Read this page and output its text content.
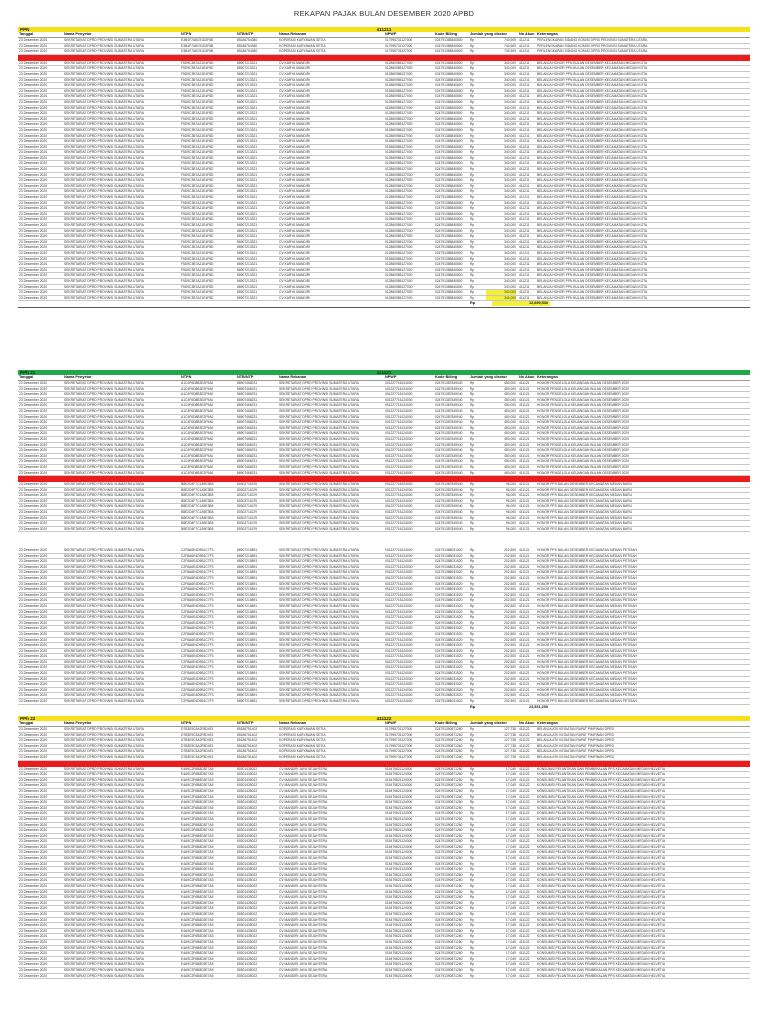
REKAPAN PAJAK BULAN DESEMBER 2020 APBD
PPN	411211
Tanggal	Nama Penyetor	NTPN	NTB/NTP	Nama Rekanan	NPWP	Kode Billing	Jumlah yang disetor	No Akun Keterangan
23 Desember 2020	SEKRETARIAT DPRD PROVINSI SUMATERA UTARA	E3B4F7A8C91D2F6B	85186754380	KOPERASI KARYAWAN SETIA	017995731127000	024791385840800	Rp	740,909 411211	PERLENGKAPAN SIDANG KOMISI DPRD PROVINSI SUMATERA UTARA
23 Desember 2020	SEKRETARIAT DPRD PROVINSI SUMATERA UTARA	E3B4F7A8C91D2F6B	85186754380	KOPERASI KARYAWAN SETIA	017995731127000	024791385840800	Rp	740,909 411211	PERLENGKAPAN SIDANG KOMISI DPRD PROVINSI SUMATERA UTARA
23 Desember 2020	SEKRETARIAT DPRD PROVINSI SUMATERA UTARA	E3B4F7A8C91D2F6B	85186754380	KOPERASI KARYAWAN SETIA	017995731127000	024791385840800	Rp	740,909 411211	PERLENGKAPAN SIDANG KOMISI DPRD PROVINSI SUMATERA UTARA
23 Desember 2020	SEKRETARIAT DPRD PROVINSI SUMATERA UTARA	F5D9C3B7A21E4F8D	86907213321	CV KARYA MANDIRI	012860985127000	024791385840800	Rp	340,000 411211	BELANJA HONOR PPN BULAN DESEMBER KECAMATAN MEDAN KOTA
23 Desember 2020	SEKRETARIAT DPRD PROVINSI SUMATERA UTARA	F5D9C3B7A21E4F8D	86907213321	CV KARYA MANDIRI	012860985127000	024791385840800	Rp	340,000 411211	BELANJA HONOR PPN BULAN DESEMBER KECAMATAN MEDAN KOTA
23 Desember 2020	SEKRETARIAT DPRD PROVINSI SUMATERA UTARA	F5D9C3B7A21E4F8D	86907213321	CV KARYA MANDIRI	012860985127000	024791385840800	Rp	340,000 411211	BELANJA HONOR PPN BULAN DESEMBER KECAMATAN MEDAN KOTA
23 Desember 2020	SEKRETARIAT DPRD PROVINSI SUMATERA UTARA	F5D9C3B7A21E4F8D	86907213321	CV KARYA MANDIRI	012860985127000	024791385840800	Rp	340,000 411211	BELANJA HONOR PPN BULAN DESEMBER KECAMATAN MEDAN KOTA
23 Desember 2020	SEKRETARIAT DPRD PROVINSI SUMATERA UTARA	F5D9C3B7A21E4F8D	86907213321	CV KARYA MANDIRI	012860985127000	024791385840800	Rp	340,000 411211	BELANJA HONOR PPN BULAN DESEMBER KECAMATAN MEDAN KOTA
23 Desember 2020	SEKRETARIAT DPRD PROVINSI SUMATERA UTARA	F5D9C3B7A21E4F8D	86907213321	CV KARYA MANDIRI	012860985127000	024791385840800	Rp	340,000 411211	BELANJA HONOR PPN BULAN DESEMBER KECAMATAN MEDAN KOTA
23 Desember 2020	SEKRETARIAT DPRD PROVINSI SUMATERA UTARA	F5D9C3B7A21E4F8D	86907213321	CV KARYA MANDIRI	012860985127000	024791385840800	Rp	340,000 411211	BELANJA HONOR PPN BULAN DESEMBER KECAMATAN MEDAN KOTA
23 Desember 2020	SEKRETARIAT DPRD PROVINSI SUMATERA UTARA	F5D9C3B7A21E4F8D	86907213321	CV KARYA MANDIRI	012860985127000	024791385840800	Rp	340,000 411211	BELANJA HONOR PPN BULAN DESEMBER KECAMATAN MEDAN KOTA
23 Desember 2020	SEKRETARIAT DPRD PROVINSI SUMATERA UTARA	F5D9C3B7A21E4F8D	86907213321	CV KARYA MANDIRI	012860985127000	024791385840800	Rp	340,000 411211	BELANJA HONOR PPN BULAN DESEMBER KECAMATAN MEDAN KOTA
23 Desember 2020	SEKRETARIAT DPRD PROVINSI SUMATERA UTARA	F5D9C3B7A21E4F8D	86907213321	CV KARYA MANDIRI	012860985127000	024791385840800	Rp	340,000 411211	BELANJA HONOR PPN BULAN DESEMBER KECAMATAN MEDAN KOTA
23 Desember 2020	SEKRETARIAT DPRD PROVINSI SUMATERA UTARA	F5D9C3B7A21E4F8D	86907213321	CV KARYA MANDIRI	012860985127000	024791385840800	Rp	340,000 411211	BELANJA HONOR PPN BULAN DESEMBER KECAMATAN MEDAN KOTA
23 Desember 2020	SEKRETARIAT DPRD PROVINSI SUMATERA UTARA	F5D9C3B7A21E4F8D	86907213321	CV KARYA MANDIRI	012860985127000	024791385840800	Rp	340,000 411211	BELANJA HONOR PPN BULAN DESEMBER KECAMATAN MEDAN KOTA
23 Desember 2020	SEKRETARIAT DPRD PROVINSI SUMATERA UTARA	F5D9C3B7A21E4F8D	86907213321	CV KARYA MANDIRI	012860985127000	024791385840800	Rp	340,000 411211	BELANJA HONOR PPN BULAN DESEMBER KECAMATAN MEDAN KOTA
23 Desember 2020	SEKRETARIAT DPRD PROVINSI SUMATERA UTARA	F5D9C3B7A21E4F8D	86907213321	CV KARYA MANDIRI	012860985127000	024791385840800	Rp	340,000 411211	BELANJA HONOR PPN BULAN DESEMBER KECAMATAN MEDAN KOTA
23 Desember 2020	SEKRETARIAT DPRD PROVINSI SUMATERA UTARA	F5D9C3B7A21E4F8D	86907213321	CV KARYA MANDIRI	012860985127000	024791385840800	Rp	340,000 411211	BELANJA HONOR PPN BULAN DESEMBER KECAMATAN MEDAN KOTA
23 Desember 2020	SEKRETARIAT DPRD PROVINSI SUMATERA UTARA	F5D9C3B7A21E4F8D	86907213321	CV KARYA MANDIRI	012860985127000	024791385840800	Rp	340,000 411211	BELANJA HONOR PPN BULAN DESEMBER KECAMATAN MEDAN KOTA
23 Desember 2020	SEKRETARIAT DPRD PROVINSI SUMATERA UTARA	F5D9C3B7A21E4F8D	86907213321	CV KARYA MANDIRI	012860985127000	024791385840800	Rp	340,000 411211	BELANJA HONOR PPN BULAN DESEMBER KECAMATAN MEDAN KOTA
23 Desember 2020	SEKRETARIAT DPRD PROVINSI SUMATERA UTARA	F5D9C3B7A21E4F8D	86907213321	CV KARYA MANDIRI	012860985127000	024791385840800	Rp	340,000 411211	BELANJA HONOR PPN BULAN DESEMBER KECAMATAN MEDAN KOTA
23 Desember 2020	SEKRETARIAT DPRD PROVINSI SUMATERA UTARA	F5D9C3B7A21E4F8D	86907213321	CV KARYA MANDIRI	012860985127000	024791385840800	Rp	340,000 411211	BELANJA HONOR PPN BULAN DESEMBER KECAMATAN MEDAN KOTA
23 Desember 2020	SEKRETARIAT DPRD PROVINSI SUMATERA UTARA	F5D9C3B7A21E4F8D	86907213321	CV KARYA MANDIRI	012860985127000	024791385840800	Rp	340,000 411211	BELANJA HONOR PPN BULAN DESEMBER KECAMATAN MEDAN KOTA
23 Desember 2020	SEKRETARIAT DPRD PROVINSI SUMATERA UTARA	F5D9C3B7A21E4F8D	86907213321	CV KARYA MANDIRI	012860985127000	024791385840800	Rp	340,000 411211	BELANJA HONOR PPN BULAN DESEMBER KECAMATAN MEDAN KOTA
23 Desember 2020	SEKRETARIAT DPRD PROVINSI SUMATERA UTARA	F5D9C3B7A21E4F8D	86907213321	CV KARYA MANDIRI	012860985127000	024791385840800	Rp	340,000 411211	BELANJA HONOR PPN BULAN DESEMBER KECAMATAN MEDAN KOTA
23 Desember 2020	SEKRETARIAT DPRD PROVINSI SUMATERA UTARA	F5D9C3B7A21E4F8D	86907213321	CV KARYA MANDIRI	012860985127000	024791385840800	Rp	340,000 411211	BELANJA HONOR PPN BULAN DESEMBER KECAMATAN MEDAN KOTA
23 Desember 2020	SEKRETARIAT DPRD PROVINSI SUMATERA UTARA	F5D9C3B7A21E4F8D	86907213321	CV KARYA MANDIRI	012860985127000	024791385840800	Rp	340,000 411211	BELANJA HONOR PPN BULAN DESEMBER KECAMATAN MEDAN KOTA
23 Desember 2020	SEKRETARIAT DPRD PROVINSI SUMATERA UTARA	F5D9C3B7A21E4F8D	86907213321	CV KARYA MANDIRI	012860985127000	024791385840800	Rp	340,000 411211	BELANJA HONOR PPN BULAN DESEMBER KECAMATAN MEDAN KOTA
23 Desember 2020	SEKRETARIAT DPRD PROVINSI SUMATERA UTARA	F5D9C3B7A21E4F8D	86907213321	CV KARYA MANDIRI	012860985127000	024791385840800	Rp	340,000 411211	BELANJA HONOR PPN BULAN DESEMBER KECAMATAN MEDAN KOTA
23 Desember 2020	SEKRETARIAT DPRD PROVINSI SUMATERA UTARA	F5D9C3B7A21E4F8D	86907213321	CV KARYA MANDIRI	012860985127000	024791385840800	Rp	340,000 411211	BELANJA HONOR PPN BULAN DESEMBER KECAMATAN MEDAN KOTA
23 Desember 2020	SEKRETARIAT DPRD PROVINSI SUMATERA UTARA	F5D9C3B7A21E4F8D	86907213321	CV KARYA MANDIRI	012860985127000	024791385840800	Rp	340,000 411211	BELANJA HONOR PPN BULAN DESEMBER KECAMATAN MEDAN KOTA
23 Desember 2020	SEKRETARIAT DPRD PROVINSI SUMATERA UTARA	F5D9C3B7A21E4F8D	86907213321	CV KARYA MANDIRI	012860985127000	024791385840800	Rp	340,000 411211	BELANJA HONOR PPN BULAN DESEMBER KECAMATAN MEDAN KOTA
23 Desember 2020	SEKRETARIAT DPRD PROVINSI SUMATERA UTARA	F5D9C3B7A21E4F8D	86907213321	CV KARYA MANDIRI	012860985127000	024791385840800	Rp	340,000 411211	BELANJA HONOR PPN BULAN DESEMBER KECAMATAN MEDAN KOTA
23 Desember 2020	SEKRETARIAT DPRD PROVINSI SUMATERA UTARA	F5D9C3B7A21E4F8D	86907213321	CV KARYA MANDIRI	012860985127000	024791385840800	Rp	340,000 411211	BELANJA HONOR PPN BULAN DESEMBER KECAMATAN MEDAN KOTA
23 Desember 2020	SEKRETARIAT DPRD PROVINSI SUMATERA UTARA	F5D9C3B7A21E4F8D	86907213321	CV KARYA MANDIRI	012860985127000	024791385840800	Rp	340,000 411211	BELANJA HONOR PPN BULAN DESEMBER KECAMATAN MEDAN KOTA
23 Desember 2020	SEKRETARIAT DPRD PROVINSI SUMATERA UTARA	F5D9C3B7A21E4F8D	86907213321	CV KARYA MANDIRI	012860985127000	024791385840800	Rp	340,000 411211	BELANJA HONOR PPN BULAN DESEMBER KECAMATAN MEDAN KOTA
23 Desember 2020	SEKRETARIAT DPRD PROVINSI SUMATERA UTARA	F5D9C3B7A21E4F8D	86907213321	CV KARYA MANDIRI	012860985127000	024791385840800	Rp	340,000 411211	BELANJA HONOR PPN BULAN DESEMBER KECAMATAN MEDAN KOTA
23 Desember 2020	SEKRETARIAT DPRD PROVINSI SUMATERA UTARA	F5D9C3B7A21E4F8D	86907213321	CV KARYA MANDIRI	012860985127000	024791385840800	Rp	340,000 411211	BELANJA HONOR PPN BULAN DESEMBER KECAMATAN MEDAN KOTA
23 Desember 2020	SEKRETARIAT DPRD PROVINSI SUMATERA UTARA	F5D9C3B7A21E4F8D	86907213321	CV KARYA MANDIRI	012860985127000	024791385840800	Rp	340,000 411211	BELANJA HONOR PPN BULAN DESEMBER KECAMATAN MEDAN KOTA
23 Desember 2020	SEKRETARIAT DPRD PROVINSI SUMATERA UTARA	F5D9C3B7A21E4F8D	86907213321	CV KARYA MANDIRI	012860985127000	024791385840800	Rp	340,000 411211	BELANJA HONOR PPN BULAN DESEMBER KECAMATAN MEDAN KOTA
23 Desember 2020	SEKRETARIAT DPRD PROVINSI SUMATERA UTARA	F5D9C3B7A21E4F8D	86907213321	CV KARYA MANDIRI	012860985127000	024791385840800	Rp	340,000 411211	BELANJA HONOR PPN BULAN DESEMBER KECAMATAN MEDAN KOTA
23 Desember 2020	SEKRETARIAT DPRD PROVINSI SUMATERA UTARA	F5D9C3B7A21E4F8D	86907213321	CV KARYA MANDIRI	012860985127000	024791385840800	Rp	340,000 411211	BELANJA HONOR PPN BULAN DESEMBER KECAMATAN MEDAN KOTA
23 Desember 2020	SEKRETARIAT DPRD PROVINSI SUMATERA UTARA	F5D9C3B7A21E4F8D	86907213321	CV KARYA MANDIRI	012860985127000	024791385840800	Rp	340,000 411211	BELANJA HONOR PPN BULAN DESEMBER KECAMATAN MEDAN KOTA
23 Desember 2020	SEKRETARIAT DPRD PROVINSI SUMATERA UTARA	F5D9C3B7A21E4F8D	86907213321	CV KARYA MANDIRI	012860985127000	024791385840800	Rp	340,000 411211	BELANJA HONOR PPN BULAN DESEMBER KECAMATAN MEDAN KOTA
23 Desember 2020	SEKRETARIAT DPRD PROVINSI SUMATERA UTARA	F5D9C3B7A21E4F8D	86907213321	CV KARYA MANDIRI	012860985127000	024791385840800	Rp	340,000 411211	BELANJA HONOR PPN BULAN DESEMBER KECAMATAN MEDAN KOTA
23 Desember 2020	SEKRETARIAT DPRD PROVINSI SUMATERA UTARA	F5D9C3B7A21E4F8D	86907213321	CV KARYA MANDIRI	012860985127000	024791385840800	Rp	340,000 411211	BELANJA HONOR PPN BULAN DESEMBER KECAMATAN MEDAN KOTA
Rp	12,699,530
PPh 21	411121
Tanggal	Nama Penyetor	NTPN	NTB/NTP	Nama Rekanan	NPWP	Kode Billing	Jumlah yang disetor	No Akun Keterangan
23 Desember 2020	SEKRETARIAT DPRD PROVINSI SUMATERA UTARA	A1C4F6D8B3E2F9A0	86907468231	SEKRETARIAT DPRD PROVINSI SUMATERA UTARA	001227716124000	024791387849040	Rp	450,000 411121	HONOR PENGELOLA KEUANGAN BULAN DESEMBER 2020
23 Desember 2020	SEKRETARIAT DPRD PROVINSI SUMATERA UTARA	A1C4F6D8B3E2F9A0	86907468231	SEKRETARIAT DPRD PROVINSI SUMATERA UTARA	001227716124000	024791387849040	Rp	450,000 411121	HONOR PENGELOLA KEUANGAN BULAN DESEMBER 2020
23 Desember 2020	SEKRETARIAT DPRD PROVINSI SUMATERA UTARA	A1C4F6D8B3E2F9A0	86907468231	SEKRETARIAT DPRD PROVINSI SUMATERA UTARA	001227716124000	024791387849040	Rp	450,000 411121	HONOR PENGELOLA KEUANGAN BULAN DESEMBER 2020
23 Desember 2020	SEKRETARIAT DPRD PROVINSI SUMATERA UTARA	A1C4F6D8B3E2F9A0	86907468231	SEKRETARIAT DPRD PROVINSI SUMATERA UTARA	001227716124000	024791387849040	Rp	450,000 411121	HONOR PENGELOLA KEUANGAN BULAN DESEMBER 2020
23 Desember 2020	SEKRETARIAT DPRD PROVINSI SUMATERA UTARA	A1C4F6D8B3E2F9A0	86907468231	SEKRETARIAT DPRD PROVINSI SUMATERA UTARA	001227716124000	024791387849040	Rp	450,000 411121	HONOR PENGELOLA KEUANGAN BULAN DESEMBER 2020
23 Desember 2020	SEKRETARIAT DPRD PROVINSI SUMATERA UTARA	A1C4F6D8B3E2F9A0	86907468231	SEKRETARIAT DPRD PROVINSI SUMATERA UTARA	001227716124000	024791387849040	Rp	450,000 411121	HONOR PENGELOLA KEUANGAN BULAN DESEMBER 2020
23 Desember 2020	SEKRETARIAT DPRD PROVINSI SUMATERA UTARA	A1C4F6D8B3E2F9A0	86907468231	SEKRETARIAT DPRD PROVINSI SUMATERA UTARA	001227716124000	024791387849040	Rp	450,000 411121	HONOR PENGELOLA KEUANGAN BULAN DESEMBER 2020
23 Desember 2020	SEKRETARIAT DPRD PROVINSI SUMATERA UTARA	A1C4F6D8B3E2F9A0	86907468231	SEKRETARIAT DPRD PROVINSI SUMATERA UTARA	001227716124000	024791387849040	Rp	450,000 411121	HONOR PENGELOLA KEUANGAN BULAN DESEMBER 2020
23 Desember 2020	SEKRETARIAT DPRD PROVINSI SUMATERA UTARA	A1C4F6D8B3E2F9A0	86907468231	SEKRETARIAT DPRD PROVINSI SUMATERA UTARA	001227716124000	024791387849040	Rp	450,000 411121	HONOR PENGELOLA KEUANGAN BULAN DESEMBER 2020
23 Desember 2020	SEKRETARIAT DPRD PROVINSI SUMATERA UTARA	A1C4F6D8B3E2F9A0	86907468231	SEKRETARIAT DPRD PROVINSI SUMATERA UTARA	001227716124000	024791387849040	Rp	450,000 411121	HONOR PENGELOLA KEUANGAN BULAN DESEMBER 2020
23 Desember 2020	SEKRETARIAT DPRD PROVINSI SUMATERA UTARA	A1C4F6D8B3E2F9A0	86907468231	SEKRETARIAT DPRD PROVINSI SUMATERA UTARA	001227716124000	024791387849040	Rp	450,000 411121	HONOR PENGELOLA KEUANGAN BULAN DESEMBER 2020
23 Desember 2020	SEKRETARIAT DPRD PROVINSI SUMATERA UTARA	A1C4F6D8B3E2F9A0	86907468231	SEKRETARIAT DPRD PROVINSI SUMATERA UTARA	001227716124000	024791387849040	Rp	450,000 411121	HONOR PENGELOLA KEUANGAN BULAN DESEMBER 2020
23 Desember 2020	SEKRETARIAT DPRD PROVINSI SUMATERA UTARA	A1C4F6D8B3E2F9A0	86907468231	SEKRETARIAT DPRD PROVINSI SUMATERA UTARA	001227716124000	024791387849040	Rp	450,000 411121	HONOR PENGELOLA KEUANGAN BULAN DESEMBER 2020
23 Desember 2020	SEKRETARIAT DPRD PROVINSI SUMATERA UTARA	A1C4F6D8B3E2F9A0	86907468231	SEKRETARIAT DPRD PROVINSI SUMATERA UTARA	001227716124000	024791387849040	Rp	450,000 411121	HONOR PENGELOLA KEUANGAN BULAN DESEMBER 2020
23 Desember 2020	SEKRETARIAT DPRD PROVINSI SUMATERA UTARA	A1C4F6D8B3E2F9A0	86907468231	SEKRETARIAT DPRD PROVINSI SUMATERA UTARA	001227716124000	024791387849040	Rp	450,000 411121	HONOR PENGELOLA KEUANGAN BULAN DESEMBER 2020
23 Desember 2020	SEKRETARIAT DPRD PROVINSI SUMATERA UTARA	A1C4F6D8B3E2F9A0	86907468231	SEKRETARIAT DPRD PROVINSI SUMATERA UTARA	001227716124000	024791387849040	Rp	450,000 411121	HONOR PENGELOLA KEUANGAN BULAN DESEMBER 2020
23 Desember 2020	SEKRETARIAT DPRD PROVINSI SUMATERA UTARA	A1C4F6D8B3E2F9A0	86907468231	SEKRETARIAT DPRD PROVINSI SUMATERA UTARA	001227716124000	024791387849040	Rp	450,000 411121	HONOR PENGELOLA KEUANGAN BULAN DESEMBER 2020
23 Desember 2020	SEKRETARIAT DPRD PROVINSI SUMATERA UTARA	B8E2D4F7C1A9E3B5	80302711029	SEKRETARIAT DPRD PROVINSI SUMATERA UTARA	001227716124000	024791387849040	Rp	96,000 411121	HONOR PPS BULAN DESEMBER KECAMATAN MEDAN BARU
23 Desember 2020	SEKRETARIAT DPRD PROVINSI SUMATERA UTARA	B8E2D4F7C1A9E3B5	80302711029	SEKRETARIAT DPRD PROVINSI SUMATERA UTARA	001227716124000	024791387849040	Rp	96,000 411121	HONOR PPS BULAN DESEMBER KECAMATAN MEDAN BARU
23 Desember 2020	SEKRETARIAT DPRD PROVINSI SUMATERA UTARA	B8E2D4F7C1A9E3B5	80302711029	SEKRETARIAT DPRD PROVINSI SUMATERA UTARA	001227716124000	024791387849040	Rp	96,000 411121	HONOR PPS BULAN DESEMBER KECAMATAN MEDAN BARU
23 Desember 2020	SEKRETARIAT DPRD PROVINSI SUMATERA UTARA	B8E2D4F7C1A9E3B5	80302711029	SEKRETARIAT DPRD PROVINSI SUMATERA UTARA	001227716124000	024791387849040	Rp	96,000 411121	HONOR PPS BULAN DESEMBER KECAMATAN MEDAN BARU
23 Desember 2020	SEKRETARIAT DPRD PROVINSI SUMATERA UTARA	B8E2D4F7C1A9E3B5	80302711029	SEKRETARIAT DPRD PROVINSI SUMATERA UTARA	001227716124000	024791387849040	Rp	96,000 411121	HONOR PPS BULAN DESEMBER KECAMATAN MEDAN BARU
23 Desember 2020	SEKRETARIAT DPRD PROVINSI SUMATERA UTARA	B8E2D4F7C1A9E3B5	80302711029	SEKRETARIAT DPRD PROVINSI SUMATERA UTARA	001227716124000	024791387849040	Rp	96,000 411121	HONOR PPS BULAN DESEMBER KECAMATAN MEDAN BARU
23 Desember 2020	SEKRETARIAT DPRD PROVINSI SUMATERA UTARA	B8E2D4F7C1A9E3B5	80302711029	SEKRETARIAT DPRD PROVINSI SUMATERA UTARA	001227716124000	024791387849040	Rp	96,000 411121	HONOR PPS BULAN DESEMBER KECAMATAN MEDAN BARU
23 Desember 2020	SEKRETARIAT DPRD PROVINSI SUMATERA UTARA	B8E2D4F7C1A9E3B5	80302711029	SEKRETARIAT DPRD PROVINSI SUMATERA UTARA	001227716124000	024791387849040	Rp	96,000 411121	HONOR PPS BULAN DESEMBER KECAMATAN MEDAN BARU
23 Desember 2020	SEKRETARIAT DPRD PROVINSI SUMATERA UTARA	B8E2D4F7C1A9E3B5	80302711029	SEKRETARIAT DPRD PROVINSI SUMATERA UTARA	001227716124000	024791387849040	Rp	96,000 411121	HONOR PPS BULAN DESEMBER KECAMATAN MEDAN BARU
23 Desember 2020	SEKRETARIAT DPRD PROVINSI SUMATERA UTARA	C2F8A6E4D9B1C7F3	86907215891	SEKRETARIAT DPRD PROVINSI SUMATERA UTARA	001227716124000	024791388031520	Rp	202,500 411121	HONOR PPS BULAN DESEMBER KECAMATAN MEDAN PETISAH
23 Desember 2020	SEKRETARIAT DPRD PROVINSI SUMATERA UTARA	C2F8A6E4D9B1C7F3	86907215891	SEKRETARIAT DPRD PROVINSI SUMATERA UTARA	001227716124000	024791388031520	Rp	202,500 411121	HONOR PPS BULAN DESEMBER KECAMATAN MEDAN PETISAH
23 Desember 2020	SEKRETARIAT DPRD PROVINSI SUMATERA UTARA	C2F8A6E4D9B1C7F3	86907215891	SEKRETARIAT DPRD PROVINSI SUMATERA UTARA	001227716124000	024791388031520	Rp	202,500 411121	HONOR PPS BULAN DESEMBER KECAMATAN MEDAN PETISAH
23 Desember 2020	SEKRETARIAT DPRD PROVINSI SUMATERA UTARA	C2F8A6E4D9B1C7F3	86907215891	SEKRETARIAT DPRD PROVINSI SUMATERA UTARA	001227716124000	024791388031520	Rp	202,500 411121	HONOR PPS BULAN DESEMBER KECAMATAN MEDAN PETISAH
23 Desember 2020	SEKRETARIAT DPRD PROVINSI SUMATERA UTARA	C2F8A6E4D9B1C7F3	86907215891	SEKRETARIAT DPRD PROVINSI SUMATERA UTARA	001227716124000	024791388031520	Rp	202,500 411121	HONOR PPS BULAN DESEMBER KECAMATAN MEDAN PETISAH
23 Desember 2020	SEKRETARIAT DPRD PROVINSI SUMATERA UTARA	C2F8A6E4D9B1C7F3	86907215891	SEKRETARIAT DPRD PROVINSI SUMATERA UTARA	001227716124000	024791388031520	Rp	202,500 411121	HONOR PPS BULAN DESEMBER KECAMATAN MEDAN PETISAH
23 Desember 2020	SEKRETARIAT DPRD PROVINSI SUMATERA UTARA	C2F8A6E4D9B1C7F3	86907215891	SEKRETARIAT DPRD PROVINSI SUMATERA UTARA	001227716124000	024791388031520	Rp	202,500 411121	HONOR PPS BULAN DESEMBER KECAMATAN MEDAN PETISAH
23 Desember 2020	SEKRETARIAT DPRD PROVINSI SUMATERA UTARA	C2F8A6E4D9B1C7F3	86907215891	SEKRETARIAT DPRD PROVINSI SUMATERA UTARA	001227716124000	024791388031520	Rp	202,500 411121	HONOR PPS BULAN DESEMBER KECAMATAN MEDAN PETISAH
23 Desember 2020	SEKRETARIAT DPRD PROVINSI SUMATERA UTARA	C2F8A6E4D9B1C7F3	86907215891	SEKRETARIAT DPRD PROVINSI SUMATERA UTARA	001227716124000	024791388031520	Rp	202,500 411121	HONOR PPS BULAN DESEMBER KECAMATAN MEDAN PETISAH
23 Desember 2020	SEKRETARIAT DPRD PROVINSI SUMATERA UTARA	C2F8A6E4D9B1C7F3	86907215891	SEKRETARIAT DPRD PROVINSI SUMATERA UTARA	001227716124000	024791388031520	Rp	202,500 411121	HONOR PPS BULAN DESEMBER KECAMATAN MEDAN PETISAH
23 Desember 2020	SEKRETARIAT DPRD PROVINSI SUMATERA UTARA	C2F8A6E4D9B1C7F3	86907215891	SEKRETARIAT DPRD PROVINSI SUMATERA UTARA	001227716124000	024791388031520	Rp	202,500 411121	HONOR PPS BULAN DESEMBER KECAMATAN MEDAN PETISAH
23 Desember 2020	SEKRETARIAT DPRD PROVINSI SUMATERA UTARA	C2F8A6E4D9B1C7F3	86907215891	SEKRETARIAT DPRD PROVINSI SUMATERA UTARA	001227716124000	024791388031520	Rp	202,500 411121	HONOR PPS BULAN DESEMBER KECAMATAN MEDAN PETISAH
23 Desember 2020	SEKRETARIAT DPRD PROVINSI SUMATERA UTARA	C2F8A6E4D9B1C7F3	86907215891	SEKRETARIAT DPRD PROVINSI SUMATERA UTARA	001227716124000	024791388031520	Rp	202,500 411121	HONOR PPS BULAN DESEMBER KECAMATAN MEDAN PETISAH
23 Desember 2020	SEKRETARIAT DPRD PROVINSI SUMATERA UTARA	C2F8A6E4D9B1C7F3	86907215891	SEKRETARIAT DPRD PROVINSI SUMATERA UTARA	001227716124000	024791388031520	Rp	202,500 411121	HONOR PPS BULAN DESEMBER KECAMATAN MEDAN PETISAH
23 Desember 2020	SEKRETARIAT DPRD PROVINSI SUMATERA UTARA	C2F8A6E4D9B1C7F3	86907215891	SEKRETARIAT DPRD PROVINSI SUMATERA UTARA	001227716124000	024791388031520	Rp	202,500 411121	HONOR PPS BULAN DESEMBER KECAMATAN MEDAN PETISAH
23 Desember 2020	SEKRETARIAT DPRD PROVINSI SUMATERA UTARA	C2F8A6E4D9B1C7F3	86907215891	SEKRETARIAT DPRD PROVINSI SUMATERA UTARA	001227716124000	024791388031520	Rp	202,500 411121	HONOR PPS BULAN DESEMBER KECAMATAN MEDAN PETISAH
23 Desember 2020	SEKRETARIAT DPRD PROVINSI SUMATERA UTARA	C2F8A6E4D9B1C7F3	86907215891	SEKRETARIAT DPRD PROVINSI SUMATERA UTARA	001227716124000	024791388031520	Rp	202,500 411121	HONOR PPS BULAN DESEMBER KECAMATAN MEDAN PETISAH
23 Desember 2020	SEKRETARIAT DPRD PROVINSI SUMATERA UTARA	C2F8A6E4D9B1C7F3	86907215891	SEKRETARIAT DPRD PROVINSI SUMATERA UTARA	001227716124000	024791388031520	Rp	202,500 411121	HONOR PPS BULAN DESEMBER KECAMATAN MEDAN PETISAH
23 Desember 2020	SEKRETARIAT DPRD PROVINSI SUMATERA UTARA	C2F8A6E4D9B1C7F3	86907215891	SEKRETARIAT DPRD PROVINSI SUMATERA UTARA	001227716124000	024791388031520	Rp	202,500 411121	HONOR PPS BULAN DESEMBER KECAMATAN MEDAN PETISAH
23 Desember 2020	SEKRETARIAT DPRD PROVINSI SUMATERA UTARA	C2F8A6E4D9B1C7F3	86907215891	SEKRETARIAT DPRD PROVINSI SUMATERA UTARA	001227716124000	024791388031520	Rp	202,500 411121	HONOR PPS BULAN DESEMBER KECAMATAN MEDAN PETISAH
23 Desember 2020	SEKRETARIAT DPRD PROVINSI SUMATERA UTARA	C2F8A6E4D9B1C7F3	86907215891	SEKRETARIAT DPRD PROVINSI SUMATERA UTARA	001227716124000	024791388031520	Rp	202,500 411121	HONOR PPS BULAN DESEMBER KECAMATAN MEDAN PETISAH
23 Desember 2020	SEKRETARIAT DPRD PROVINSI SUMATERA UTARA	C2F8A6E4D9B1C7F3	86907215891	SEKRETARIAT DPRD PROVINSI SUMATERA UTARA	001227716124000	024791388031520	Rp	202,500 411121	HONOR PPS BULAN DESEMBER KECAMATAN MEDAN PETISAH
23 Desember 2020	SEKRETARIAT DPRD PROVINSI SUMATERA UTARA	C2F8A6E4D9B1C7F3	86907215891	SEKRETARIAT DPRD PROVINSI SUMATERA UTARA	001227716124000	024791388031520	Rp	202,500 411121	HONOR PPS BULAN DESEMBER KECAMATAN MEDAN PETISAH
23 Desember 2020	SEKRETARIAT DPRD PROVINSI SUMATERA UTARA	C2F8A6E4D9B1C7F3	86907215891	SEKRETARIAT DPRD PROVINSI SUMATERA UTARA	001227716124000	024791388031520	Rp	202,500 411121	HONOR PPS BULAN DESEMBER KECAMATAN MEDAN PETISAH
23 Desember 2020	SEKRETARIAT DPRD PROVINSI SUMATERA UTARA	C2F8A6E4D9B1C7F3	86907215891	SEKRETARIAT DPRD PROVINSI SUMATERA UTARA	001227716124000	024791388031520	Rp	202,500 411121	HONOR PPS BULAN DESEMBER KECAMATAN MEDAN PETISAH
23 Desember 2020	SEKRETARIAT DPRD PROVINSI SUMATERA UTARA	C2F8A6E4D9B1C7F3	86907215891	SEKRETARIAT DPRD PROVINSI SUMATERA UTARA	001227716124000	024791388031520	Rp	202,500 411121	HONOR PPS BULAN DESEMBER KECAMATAN MEDAN PETISAH
23 Desember 2020	SEKRETARIAT DPRD PROVINSI SUMATERA UTARA	C2F8A6E4D9B1C7F3	86907215891	SEKRETARIAT DPRD PROVINSI SUMATERA UTARA	001227716124000	024791388031520	Rp	202,500 411121	HONOR PPS BULAN DESEMBER KECAMATAN MEDAN PETISAH
23 Desember 2020	SEKRETARIAT DPRD PROVINSI SUMATERA UTARA	C2F8A6E4D9B1C7F3	86907215891	SEKRETARIAT DPRD PROVINSI SUMATERA UTARA	001227716124000	024791388031520	Rp	202,500 411121	HONOR PPS BULAN DESEMBER KECAMATAN MEDAN PETISAH
Rp	23,531,200
PPh 22	411122
Tanggal	Nama Penyetor	NTPN	NTB/NTP	Nama Rekanan	NPWP	Kode Billing	Jumlah yang disetor	No Akun Keterangan
23 Desember 2020	SEKRETARIAT DPRD PROVINSI SUMATERA UTARA	D7B3E9C5A2F8D4E1	85186751402	KOPERASI KARYAWAN SETIA	017995731127000	024791390871260	Rp	127,738 411122	BELANJA ATK KEGIATAN RAPAT PIMPINAN DPRD
23 Desember 2020	SEKRETARIAT DPRD PROVINSI SUMATERA UTARA	D7B3E9C5A2F8D4E1	85186751402	KOPERASI KARYAWAN SETIA	017995731127000	024791390871260	Rp	127,738 411122	BELANJA ATK KEGIATAN RAPAT PIMPINAN DPRD
23 Desember 2020	SEKRETARIAT DPRD PROVINSI SUMATERA UTARA	D7B3E9C5A2F8D4E1	85186751402	KOPERASI KARYAWAN SETIA	017995731127000	024791390871260	Rp	127,738 411122	BELANJA ATK KEGIATAN RAPAT PIMPINAN DPRD
23 Desember 2020	SEKRETARIAT DPRD PROVINSI SUMATERA UTARA	D7B3E9C5A2F8D4E1	85186751402	KOPERASI KARYAWAN SETIA	017995731127000	024791390871260	Rp	127,738 411122	BELANJA ATK KEGIATAN RAPAT PIMPINAN DPRD
23 Desember 2020	SEKRETARIAT DPRD PROVINSI SUMATERA UTARA	D7B3E9C5A2F8D4E1	85186751402	KOPERASI KARYAWAN SETIA	017995731127000	024791390871260	Rp	127,738 411122	BELANJA ATK KEGIATAN RAPAT PIMPINAN DPRD
23 Desember 2020	SEKRETARIAT DPRD PROVINSI SUMATERA UTARA	D7B3E9C5A2F8D4E1	85186751402	KOPERASI KARYAWAN SETIA	017995731127000	024791390871260	Rp	127,738 411122	BELANJA ATK KEGIATAN RAPAT PIMPINAN DPRD
23 Desember 2020	SEKRETARIAT DPRD PROVINSI SUMATERA UTARA	E4A9C2F6B8D3E7A5	80301435022	CV MANDIRI JAYA SEJAHTERA	015479821124000	024791390871260	Rp	17,049 411122	KONSUMSI PELANTIKAN DAN PEMBEKALAN PPS KECAMATAN MEDAN HELVETIA
23 Desember 2020	SEKRETARIAT DPRD PROVINSI SUMATERA UTARA	E4A9C2F6B8D3E7A5	80301435022	CV MANDIRI JAYA SEJAHTERA	015479821124000	024791390871260	Rp	17,049 411122	KONSUMSI PELANTIKAN DAN PEMBEKALAN PPS KECAMATAN MEDAN HELVETIA
23 Desember 2020	SEKRETARIAT DPRD PROVINSI SUMATERA UTARA	E4A9C2F6B8D3E7A5	80301435022	CV MANDIRI JAYA SEJAHTERA	015479821124000	024791390871260	Rp	17,049 411122	KONSUMSI PELANTIKAN DAN PEMBEKALAN PPS KECAMATAN MEDAN HELVETIA
23 Desember 2020	SEKRETARIAT DPRD PROVINSI SUMATERA UTARA	E4A9C2F6B8D3E7A5	80301435022	CV MANDIRI JAYA SEJAHTERA	015479821124000	024791390871260	Rp	17,049 411122	KONSUMSI PELANTIKAN DAN PEMBEKALAN PPS KECAMATAN MEDAN HELVETIA
23 Desember 2020	SEKRETARIAT DPRD PROVINSI SUMATERA UTARA	E4A9C2F6B8D3E7A5	80301435022	CV MANDIRI JAYA SEJAHTERA	015479821124000	024791390871260	Rp	17,049 411122	KONSUMSI PELANTIKAN DAN PEMBEKALAN PPS KECAMATAN MEDAN HELVETIA
23 Desember 2020	SEKRETARIAT DPRD PROVINSI SUMATERA UTARA	E4A9C2F6B8D3E7A5	80301435022	CV MANDIRI JAYA SEJAHTERA	015479821124000	024791390871260	Rp	17,049 411122	KONSUMSI PELANTIKAN DAN PEMBEKALAN PPS KECAMATAN MEDAN HELVETIA
23 Desember 2020	SEKRETARIAT DPRD PROVINSI SUMATERA UTARA	E4A9C2F6B8D3E7A5	80301435022	CV MANDIRI JAYA SEJAHTERA	015479821124000	024791390871260	Rp	17,049 411122	KONSUMSI PELANTIKAN DAN PEMBEKALAN PPS KECAMATAN MEDAN HELVETIA
23 Desember 2020	SEKRETARIAT DPRD PROVINSI SUMATERA UTARA	E4A9C2F6B8D3E7A5	80301435022	CV MANDIRI JAYA SEJAHTERA	015479821124000	024791390871260	Rp	17,049 411122	KONSUMSI PELANTIKAN DAN PEMBEKALAN PPS KECAMATAN MEDAN HELVETIA
23 Desember 2020	SEKRETARIAT DPRD PROVINSI SUMATERA UTARA	E4A9C2F6B8D3E7A5	80301435022	CV MANDIRI JAYA SEJAHTERA	015479821124000	024791390871260	Rp	17,049 411122	KONSUMSI PELANTIKAN DAN PEMBEKALAN PPS KECAMATAN MEDAN HELVETIA
23 Desember 2020	SEKRETARIAT DPRD PROVINSI SUMATERA UTARA	E4A9C2F6B8D3E7A5	80301435022	CV MANDIRI JAYA SEJAHTERA	015479821124000	024791390871260	Rp	17,049 411122	KONSUMSI PELANTIKAN DAN PEMBEKALAN PPS KECAMATAN MEDAN HELVETIA
23 Desember 2020	SEKRETARIAT DPRD PROVINSI SUMATERA UTARA	E4A9C2F6B8D3E7A5	80301435022	CV MANDIRI JAYA SEJAHTERA	015479821124000	024791390871260	Rp	17,049 411122	KONSUMSI PELANTIKAN DAN PEMBEKALAN PPS KECAMATAN MEDAN HELVETIA
23 Desember 2020	SEKRETARIAT DPRD PROVINSI SUMATERA UTARA	E4A9C2F6B8D3E7A5	80301435022	CV MANDIRI JAYA SEJAHTERA	015479821124000	024791390871260	Rp	17,049 411122	KONSUMSI PELANTIKAN DAN PEMBEKALAN PPS KECAMATAN MEDAN HELVETIA
23 Desember 2020	SEKRETARIAT DPRD PROVINSI SUMATERA UTARA	E4A9C2F6B8D3E7A5	80301435022	CV MANDIRI JAYA SEJAHTERA	015479821124000	024791390871260	Rp	17,049 411122	KONSUMSI PELANTIKAN DAN PEMBEKALAN PPS KECAMATAN MEDAN HELVETIA
23 Desember 2020	SEKRETARIAT DPRD PROVINSI SUMATERA UTARA	E4A9C2F6B8D3E7A5	80301435022	CV MANDIRI JAYA SEJAHTERA	015479821124000	024791390871260	Rp	17,049 411122	KONSUMSI PELANTIKAN DAN PEMBEKALAN PPS KECAMATAN MEDAN HELVETIA
23 Desember 2020	SEKRETARIAT DPRD PROVINSI SUMATERA UTARA	E4A9C2F6B8D3E7A5	80301435022	CV MANDIRI JAYA SEJAHTERA	015479821124000	024791390871260	Rp	17,049 411122	KONSUMSI PELANTIKAN DAN PEMBEKALAN PPS KECAMATAN MEDAN HELVETIA
23 Desember 2020	SEKRETARIAT DPRD PROVINSI SUMATERA UTARA	E4A9C2F6B8D3E7A5	80301435022	CV MANDIRI JAYA SEJAHTERA	015479821124000	024791390871260	Rp	17,049 411122	KONSUMSI PELANTIKAN DAN PEMBEKALAN PPS KECAMATAN MEDAN HELVETIA
23 Desember 2020	SEKRETARIAT DPRD PROVINSI SUMATERA UTARA	E4A9C2F6B8D3E7A5	80301435022	CV MANDIRI JAYA SEJAHTERA	015479821124000	024791390871260	Rp	17,049 411122	KONSUMSI PELANTIKAN DAN PEMBEKALAN PPS KECAMATAN MEDAN HELVETIA
23 Desember 2020	SEKRETARIAT DPRD PROVINSI SUMATERA UTARA	E4A9C2F6B8D3E7A5	80301435022	CV MANDIRI JAYA SEJAHTERA	015479821124000	024791390871260	Rp	17,049 411122	KONSUMSI PELANTIKAN DAN PEMBEKALAN PPS KECAMATAN MEDAN HELVETIA
23 Desember 2020	SEKRETARIAT DPRD PROVINSI SUMATERA UTARA	E4A9C2F6B8D3E7A5	80301435022	CV MANDIRI JAYA SEJAHTERA	015479821124000	024791390871260	Rp	17,049 411122	KONSUMSI PELANTIKAN DAN PEMBEKALAN PPS KECAMATAN MEDAN HELVETIA
23 Desember 2020	SEKRETARIAT DPRD PROVINSI SUMATERA UTARA	E4A9C2F6B8D3E7A5	80301435022	CV MANDIRI JAYA SEJAHTERA	015479821124000	024791390871260	Rp	17,049 411122	KONSUMSI PELANTIKAN DAN PEMBEKALAN PPS KECAMATAN MEDAN HELVETIA
23 Desember 2020	SEKRETARIAT DPRD PROVINSI SUMATERA UTARA	E4A9C2F6B8D3E7A5	80301435022	CV MANDIRI JAYA SEJAHTERA	015479821124000	024791390871260	Rp	17,049 411122	KONSUMSI PELANTIKAN DAN PEMBEKALAN PPS KECAMATAN MEDAN HELVETIA
23 Desember 2020	SEKRETARIAT DPRD PROVINSI SUMATERA UTARA	E4A9C2F6B8D3E7A5	80301435022	CV MANDIRI JAYA SEJAHTERA	015479821124000	024791390871260	Rp	17,049 411122	KONSUMSI PELANTIKAN DAN PEMBEKALAN PPS KECAMATAN MEDAN HELVETIA
23 Desember 2020	SEKRETARIAT DPRD PROVINSI SUMATERA UTARA	E4A9C2F6B8D3E7A5	80301435022	CV MANDIRI JAYA SEJAHTERA	015479821124000	024791390871260	Rp	17,049 411122	KONSUMSI PELANTIKAN DAN PEMBEKALAN PPS KECAMATAN MEDAN HELVETIA
23 Desember 2020	SEKRETARIAT DPRD PROVINSI SUMATERA UTARA	E4A9C2F6B8D3E7A5	80301435022	CV MANDIRI JAYA SEJAHTERA	015479821124000	024791390871260	Rp	17,049 411122	KONSUMSI PELANTIKAN DAN PEMBEKALAN PPS KECAMATAN MEDAN HELVETIA
23 Desember 2020	SEKRETARIAT DPRD PROVINSI SUMATERA UTARA	E4A9C2F6B8D3E7A5	80301435022	CV MANDIRI JAYA SEJAHTERA	015479821124000	024791390871260	Rp	17,049 411122	KONSUMSI PELANTIKAN DAN PEMBEKALAN PPS KECAMATAN MEDAN HELVETIA
23 Desember 2020	SEKRETARIAT DPRD PROVINSI SUMATERA UTARA	E4A9C2F6B8D3E7A5	80301435022	CV MANDIRI JAYA SEJAHTERA	015479821124000	024791390871260	Rp	17,049 411122	KONSUMSI PELANTIKAN DAN PEMBEKALAN PPS KECAMATAN MEDAN HELVETIA
23 Desember 2020	SEKRETARIAT DPRD PROVINSI SUMATERA UTARA	E4A9C2F6B8D3E7A5	80301435022	CV MANDIRI JAYA SEJAHTERA	015479821124000	024791390871260	Rp	17,049 411122	KONSUMSI PELANTIKAN DAN PEMBEKALAN PPS KECAMATAN MEDAN HELVETIA
23 Desember 2020	SEKRETARIAT DPRD PROVINSI SUMATERA UTARA	E4A9C2F6B8D3E7A5	80301435022	CV MANDIRI JAYA SEJAHTERA	015479821124000	024791390871260	Rp	17,049 411122	KONSUMSI PELANTIKAN DAN PEMBEKALAN PPS KECAMATAN MEDAN HELVETIA
23 Desember 2020	SEKRETARIAT DPRD PROVINSI SUMATERA UTARA	E4A9C2F6B8D3E7A5	80301435022	CV MANDIRI JAYA SEJAHTERA	015479821124000	024791390871260	Rp	17,049 411122	KONSUMSI PELANTIKAN DAN PEMBEKALAN PPS KECAMATAN MEDAN HELVETIA
23 Desember 2020	SEKRETARIAT DPRD PROVINSI SUMATERA UTARA	E4A9C2F6B8D3E7A5	80301435022	CV MANDIRI JAYA SEJAHTERA	015479821124000	024791390871260	Rp	17,049 411122	KONSUMSI PELANTIKAN DAN PEMBEKALAN PPS KECAMATAN MEDAN HELVETIA
23 Desember 2020	SEKRETARIAT DPRD PROVINSI SUMATERA UTARA	E4A9C2F6B8D3E7A5	80301435022	CV MANDIRI JAYA SEJAHTERA	015479821124000	024791390871260	Rp	17,049 411122	KONSUMSI PELANTIKAN DAN PEMBEKALAN PPS KECAMATAN MEDAN HELVETIA
23 Desember 2020	SEKRETARIAT DPRD PROVINSI SUMATERA UTARA	E4A9C2F6B8D3E7A5	80301435022	CV MANDIRI JAYA SEJAHTERA	015479821124000	024791390871260	Rp	17,049 411122	KONSUMSI PELANTIKAN DAN PEMBEKALAN PPS KECAMATAN MEDAN HELVETIA
23 Desember 2020	SEKRETARIAT DPRD PROVINSI SUMATERA UTARA	E4A9C2F6B8D3E7A5	80301435022	CV MANDIRI JAYA SEJAHTERA	015479821124000	024791390871260	Rp	17,049 411122	KONSUMSI PELANTIKAN DAN PEMBEKALAN PPS KECAMATAN MEDAN HELVETIA
23 Desember 2020	SEKRETARIAT DPRD PROVINSI SUMATERA UTARA	E4A9C2F6B8D3E7A5	80301435022	CV MANDIRI JAYA SEJAHTERA	015479821124000	024791390871260	Rp	17,049 411122	KONSUMSI PELANTIKAN DAN PEMBEKALAN PPS KECAMATAN MEDAN HELVETIA
23 Desember 2020	SEKRETARIAT DPRD PROVINSI SUMATERA UTARA	E4A9C2F6B8D3E7A5	80301435022	CV MANDIRI JAYA SEJAHTERA	015479821124000	024791390871260	Rp	17,049 411122	KONSUMSI PELANTIKAN DAN PEMBEKALAN PPS KECAMATAN MEDAN HELVETIA
23 Desember 2020	SEKRETARIAT DPRD PROVINSI SUMATERA UTARA	E4A9C2F6B8D3E7A5	80301435022	CV MANDIRI JAYA SEJAHTERA	015479821124000	024791390871260	Rp	17,049 411122	KONSUMSI PELANTIKAN DAN PEMBEKALAN PPS KECAMATAN MEDAN HELVETIA
23 Desember 2020	SEKRETARIAT DPRD PROVINSI SUMATERA UTARA	E4A9C2F6B8D3E7A5	80301435022	CV MANDIRI JAYA SEJAHTERA	015479821124000	024791390871260	Rp	17,049 411122	KONSUMSI PELANTIKAN DAN PEMBEKALAN PPS KECAMATAN MEDAN HELVETIA
23 Desember 2020	SEKRETARIAT DPRD PROVINSI SUMATERA UTARA	E4A9C2F6B8D3E7A5	80301435022	CV MANDIRI JAYA SEJAHTERA	015479821124000	024791390871260	Rp	17,049 411122	KONSUMSI PELANTIKAN DAN PEMBEKALAN PPS KECAMATAN MEDAN HELVETIA
